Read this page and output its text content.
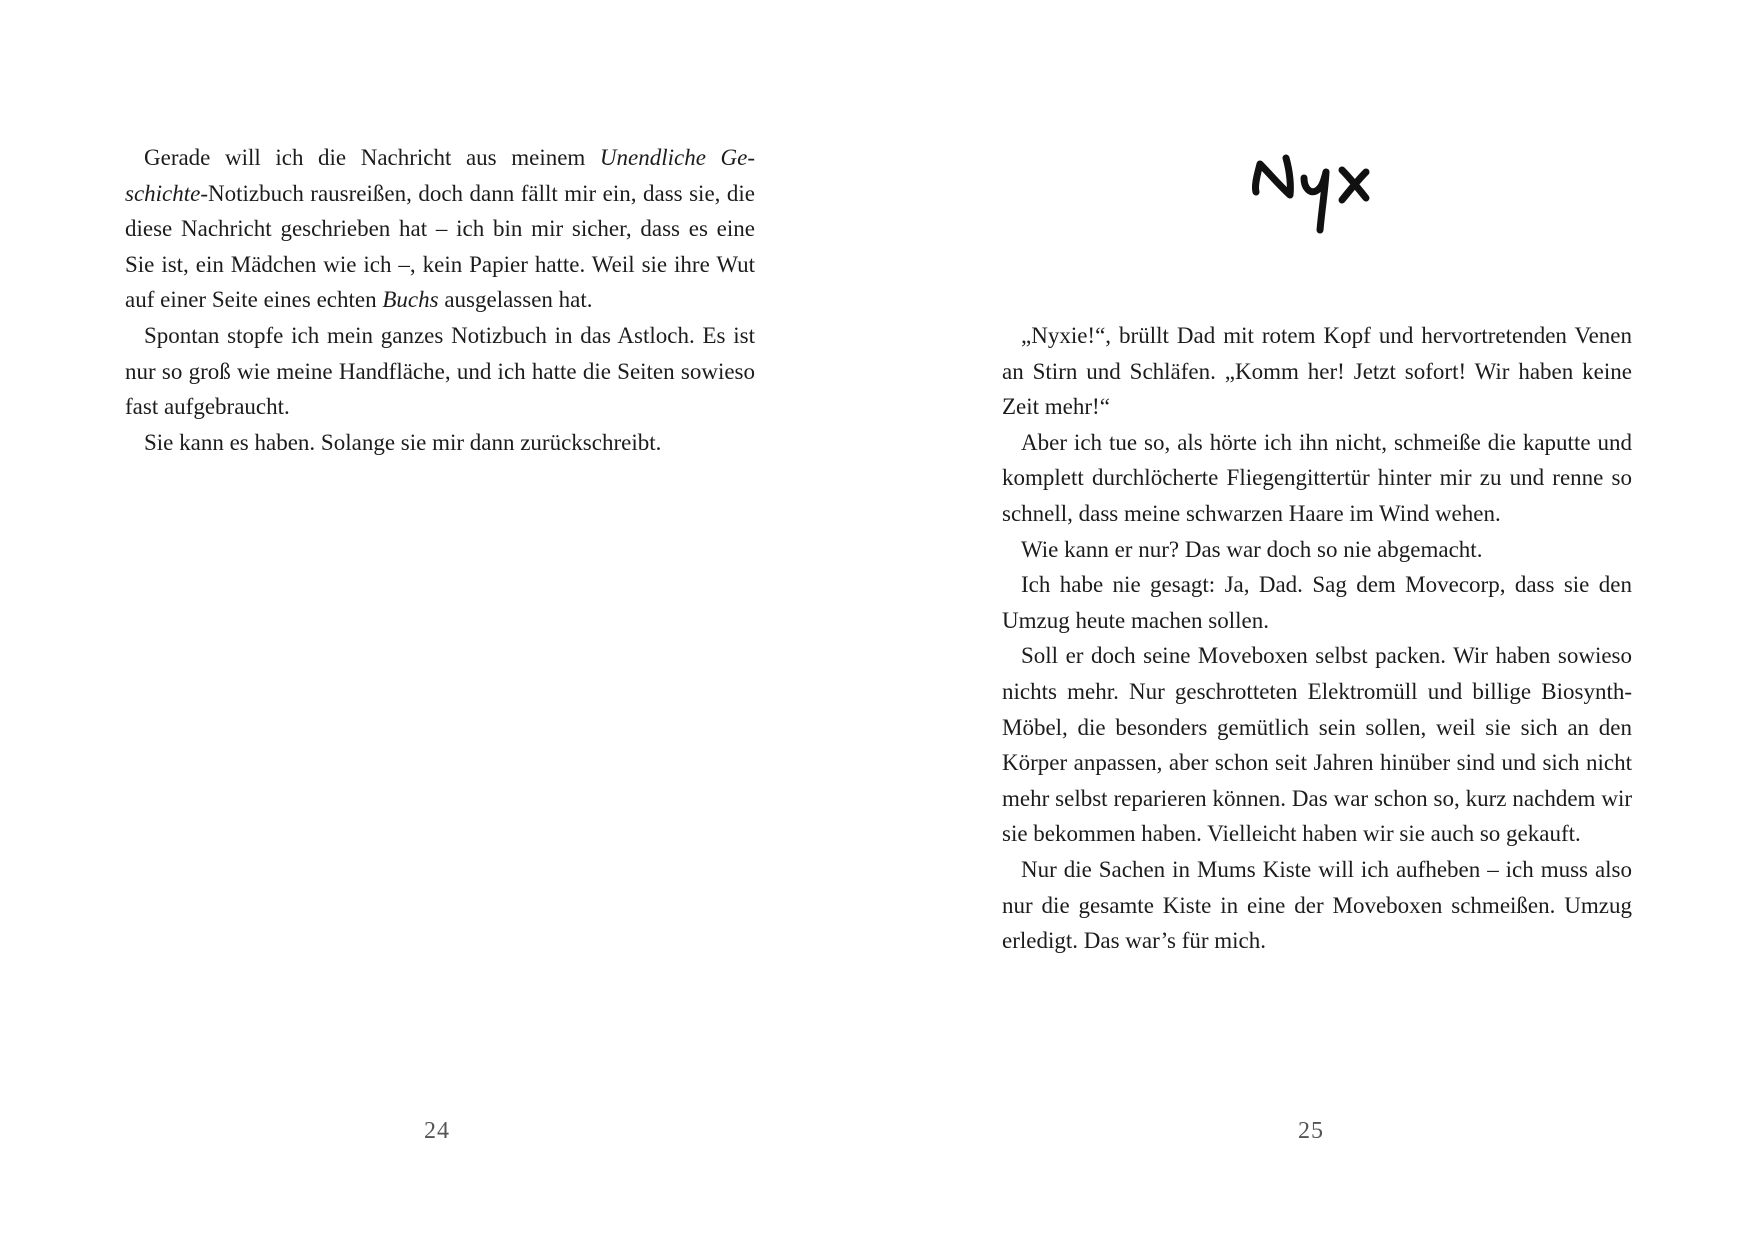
Gerade will ich die Nachricht aus meinem Unendliche Geschichte-Notizbuch rausreißen, doch dann fällt mir ein, dass sie, die diese Nachricht geschrieben hat – ich bin mir sicher, dass es eine Sie ist, ein Mädchen wie ich –, kein Papier hatte. Weil sie ihre Wut auf einer Seite eines echten Buchs ausgelassen hat.

Spontan stopfe ich mein ganzes Notizbuch in das Astloch. Es ist nur so groß wie meine Handfläche, und ich hatte die Seiten sowieso fast aufgebraucht.

Sie kann es haben. Solange sie mir dann zurückschreibt.

24

„Nyxie!“, brüllt Dad mit rotem Kopf und hervortretenden Venen an Stirn und Schläfen. „Komm her! Jetzt sofort! Wir haben keine Zeit mehr!“

Aber ich tue so, als hörte ich ihn nicht, schmeiße die kaputte und komplett durchlöcherte Fliegengittertür hinter mir zu und renne so schnell, dass meine schwarzen Haare im Wind wehen.

Wie kann er nur? Das war doch so nie abgemacht.

Ich habe nie gesagt: Ja, Dad. Sag dem Movecorp, dass sie den Umzug heute machen sollen.

Soll er doch seine Moveboxen selbst packen. Wir haben sowieso nichts mehr. Nur geschrotteten Elektromüll und billige Biosynth-Möbel, die besonders gemütlich sein sollen, weil sie sich an den Körper anpassen, aber schon seit Jahren hinüber sind und sich nicht mehr selbst reparieren können. Das war schon so, kurz nachdem wir sie bekommen haben. Vielleicht haben wir sie auch so gekauft.

Nur die Sachen in Mums Kiste will ich aufheben – ich muss also nur die gesamte Kiste in eine der Moveboxen schmeißen. Umzug erledigt. Das war’s für mich.

25
